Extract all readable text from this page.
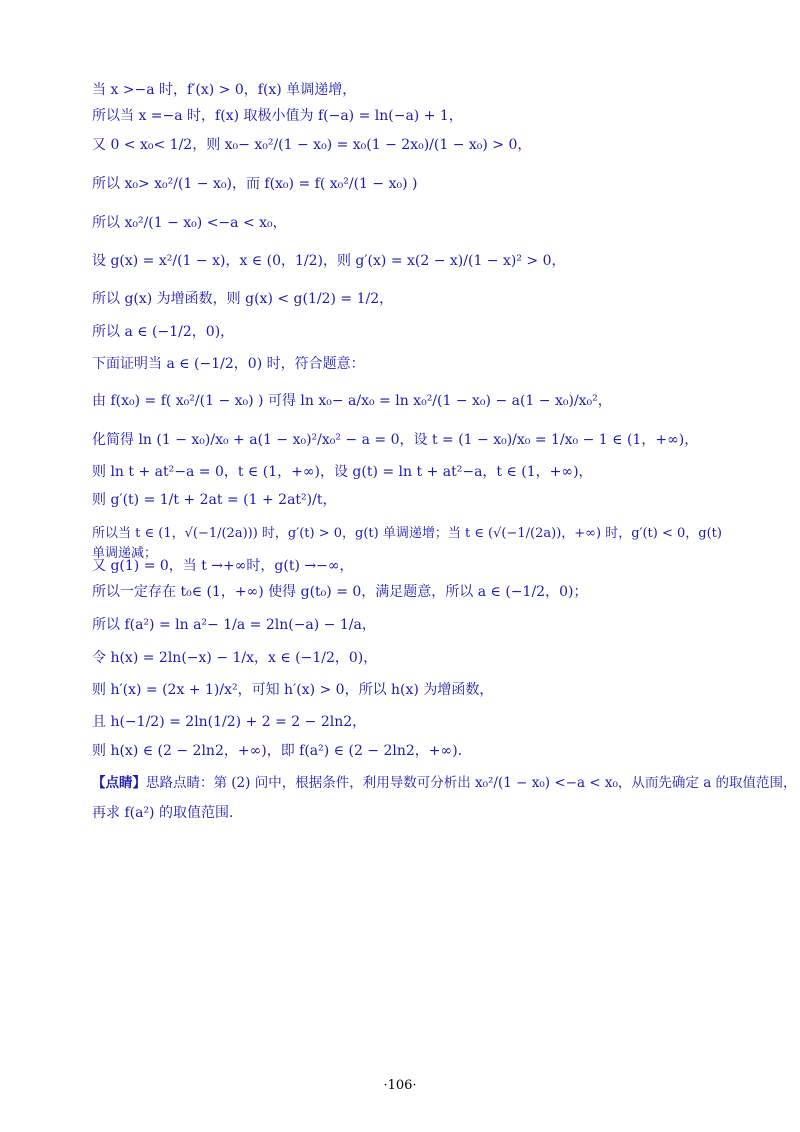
当 x >−a 时，f′(x) > 0，f(x) 单调递增，
所以当 x =−a 时，f(x) 取极小值为 f(−a) = ln(−a) + 1，
又 0 < x₀< 1/2，则 x₀− x₀²/(1 − x₀) = x₀(1 − 2x₀)/(1 − x₀) > 0，
所以 x₀> x₀²/(1 − x₀)，而 f(x₀) = f( x₀²/(1 − x₀) )
所以 x₀²/(1 − x₀) <−a < x₀，
设 g(x) = x²/(1 − x)，x ∈ (0，1/2)，则 g′(x) = x(2 − x)/(1 − x)² > 0，
所以 g(x) 为增函数，则 g(x) < g(1/2) = 1/2，
所以 a ∈ (−1/2，0)，
下面证明当 a ∈ (−1/2，0) 时，符合题意：
由 f(x₀) = f( x₀²/(1 − x₀) ) 可得 ln x₀− a/x₀ = ln x₀²/(1 − x₀) − a(1 − x₀)/x₀²，
化简得 ln (1 − x₀)/x₀ + a(1 − x₀)²/x₀² − a = 0，设 t = (1 − x₀)/x₀ = 1/x₀ − 1 ∈ (1，+∞)，
则 ln t + at²−a = 0，t ∈ (1，+∞)，设 g(t) = ln t + at²−a，t ∈ (1，+∞)，
则 g′(t) = 1/t + 2at = (1 + 2at²)/t，
所以当 t ∈ (1，√(−1/(2a))) 时，g′(t) > 0，g(t) 单调递增；当 t ∈ (√(−1/(2a))，+∞) 时，g′(t) < 0，g(t) 单调递减；
又 g(1) = 0，当 t →+∞时，g(t) →−∞，
所以一定存在 t₀∈ (1，+∞) 使得 g(t₀) = 0，满足题意，所以 a ∈ (−1/2，0)；
所以 f(a²) = ln a²− 1/a = 2ln(−a) − 1/a，
令 h(x) = 2ln(−x) − 1/x，x ∈ (−1/2，0)，
则 h′(x) = (2x + 1)/x²，可知 h′(x) > 0，所以 h(x) 为增函数，
且 h(−1/2) = 2ln(1/2) + 2 = 2 − 2ln2，
则 h(x) ∈ (2 − 2ln2，+∞)，即 f(a²) ∈ (2 − 2ln2，+∞)．
【点睛】思路点睛：第 (2) 问中，根据条件，利用导数可分析出 x₀²/(1 − x₀) <−a < x₀，从而先确定 a 的取值范围，
再求 f(a²) 的取值范围．
·106·
